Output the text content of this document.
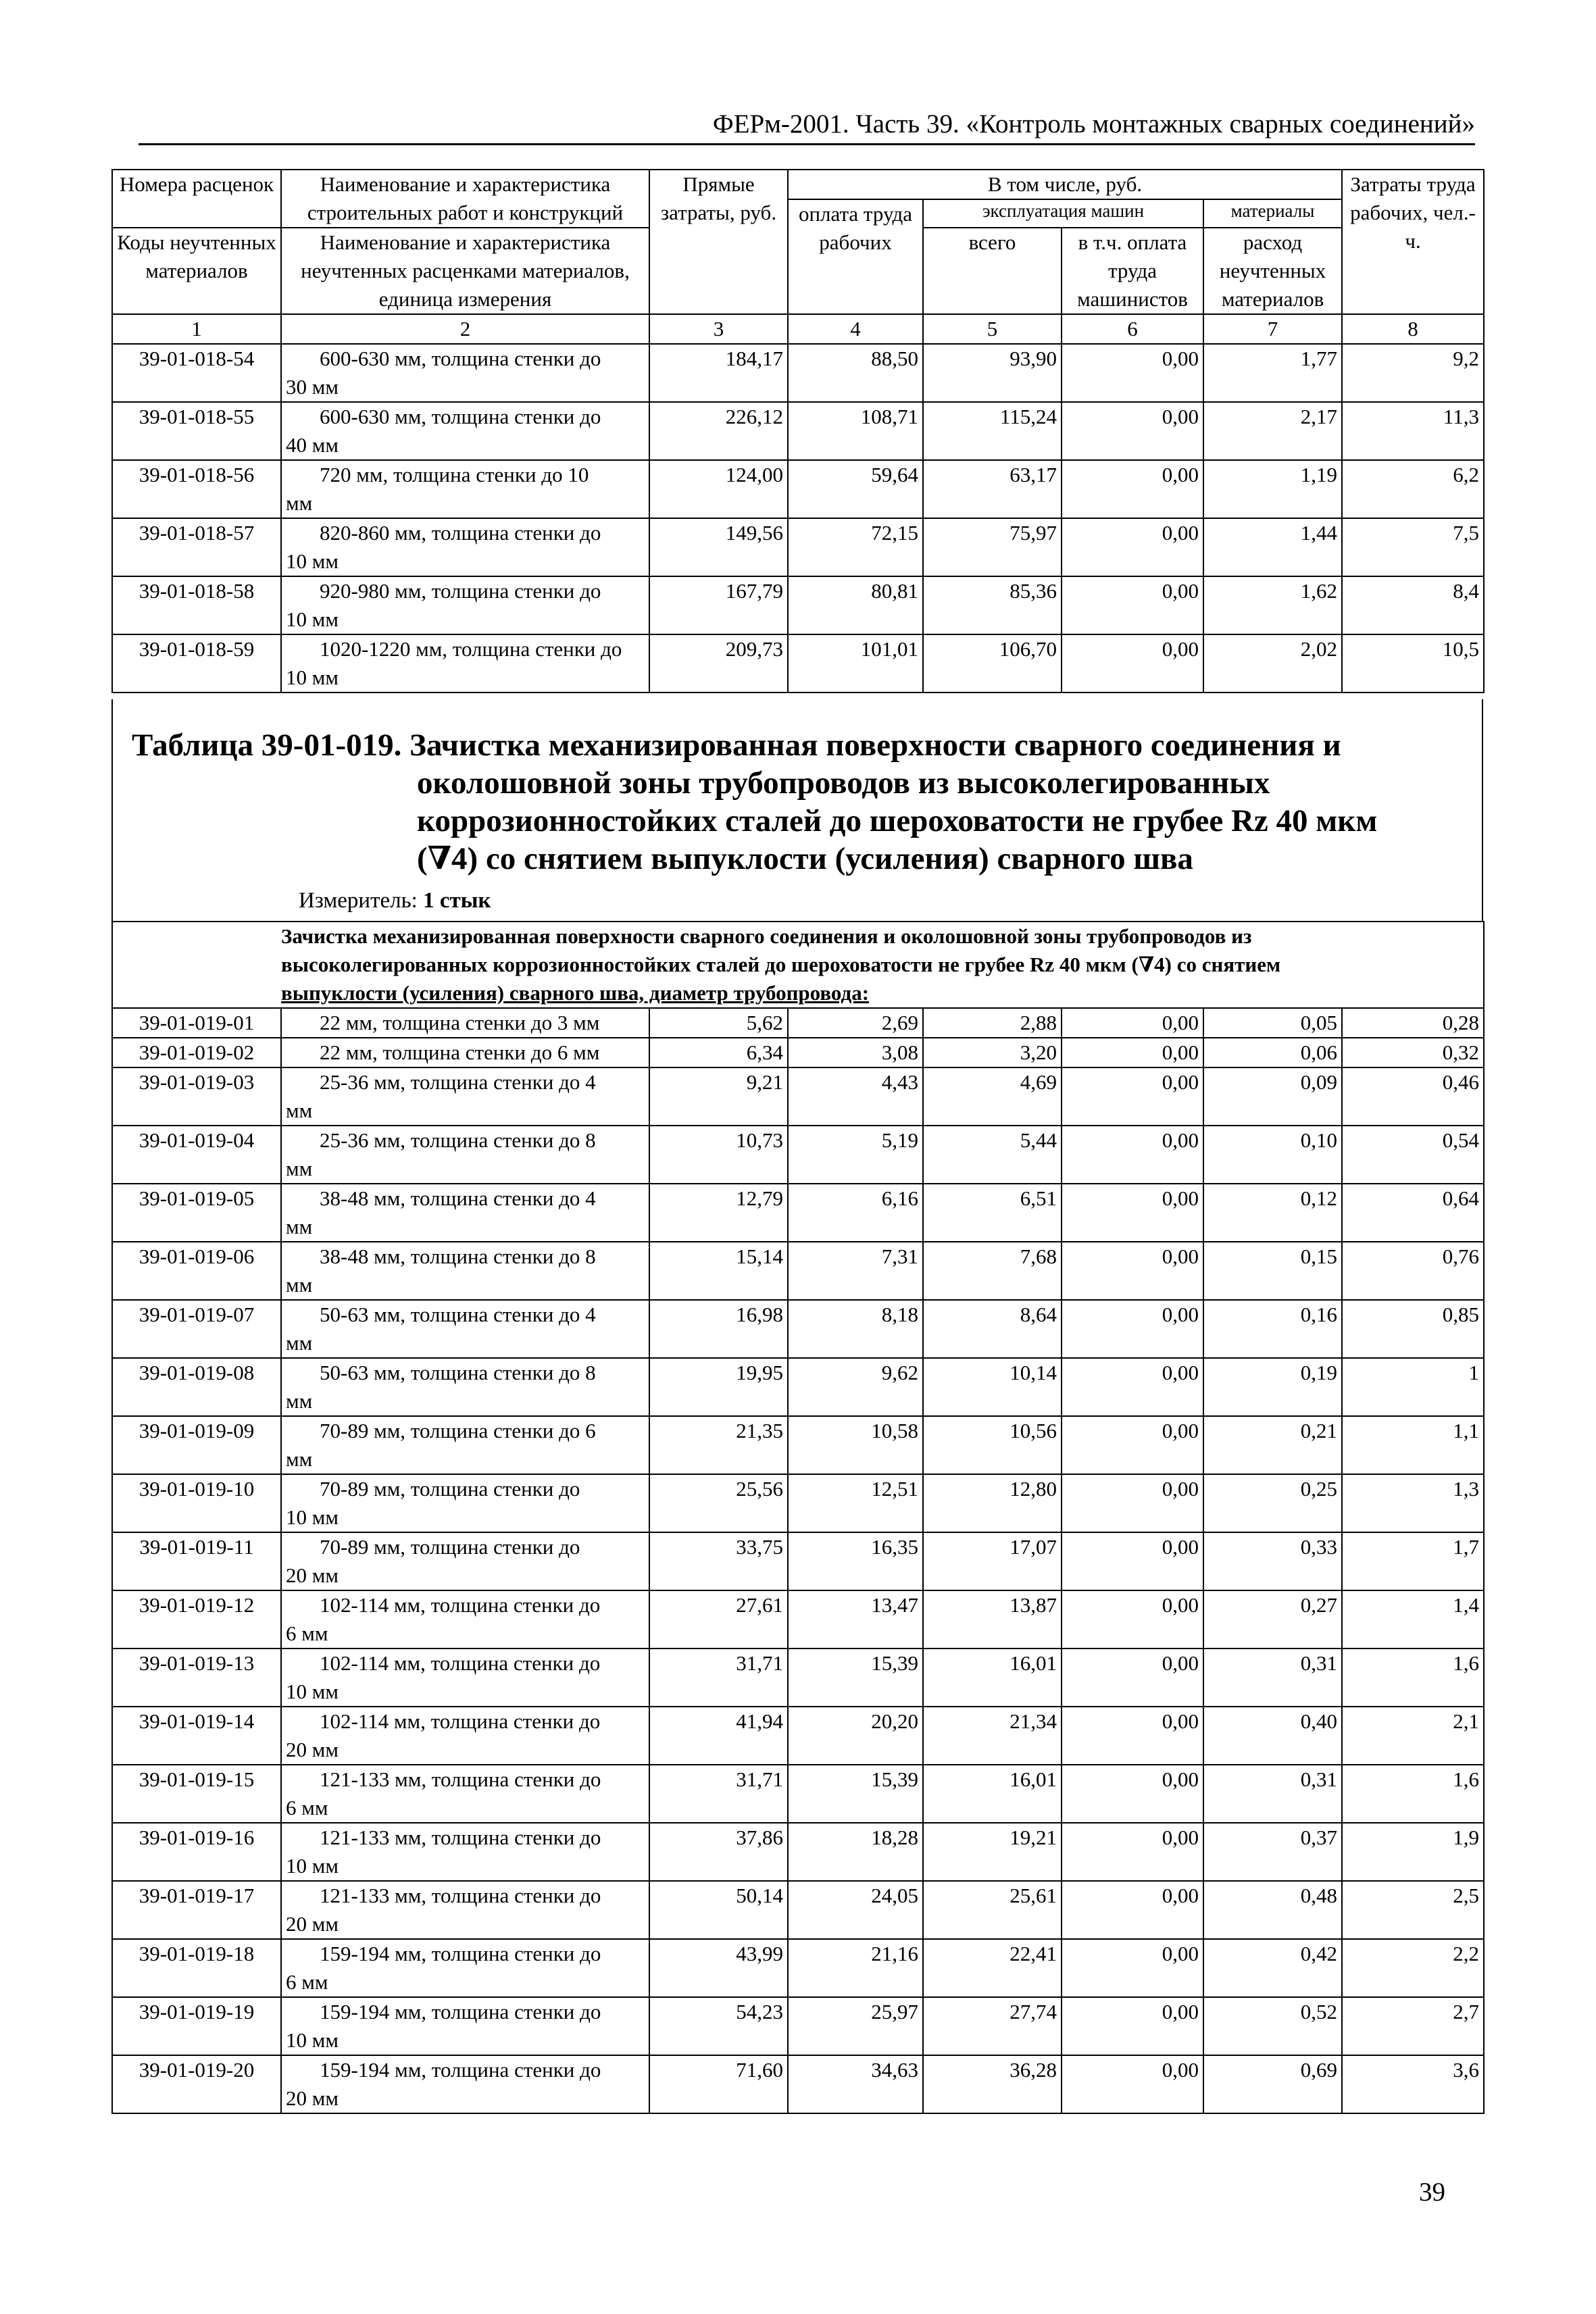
ФЕРм-2001. Часть 39. «Контроль монтажных сварных соединений»
Номера расценок	Наименование и характеристика строительных работ и конструкций	Прямые затраты, руб.	В том числе, руб.				Затраты труда рабочих, чел.-ч.
			оплата труда рабочих	эксплуатация машин		материалы	
Коды неучтенных материалов	Наименование и характеристика неучтенных расценками материалов, единица измерения			всего	в т.ч. оплата труда машинистов	расход неучтенных материалов	

1	2	3	4	5	6	7	8
39-01-018-54	600-630 мм, толщина стенки до
30 мм	184,17	88,50	93,90	0,00	1,77	9,2
39-01-018-55	600-630 мм, толщина стенки до
40 мм	226,12	108,71	115,24	0,00	2,17	11,3
39-01-018-56	720 мм, толщина стенки до 10
мм	124,00	59,64	63,17	0,00	1,19	6,2
39-01-018-57	820-860 мм, толщина стенки до
10 мм	149,56	72,15	75,97	0,00	1,44	7,5
39-01-018-58	920-980 мм, толщина стенки до
10 мм	167,79	80,81	85,36	0,00	1,62	8,4
39-01-018-59	1020-1220 мм, толщина стенки до
10 мм	209,73	101,01	106,70	0,00	2,02	10,5
Таблица 39-01-019. Зачистка механизированная поверхности сварного соединения и
околошовной зоны трубопроводов из высоколегированных
коррозионностойких сталей до шероховатости не грубее Rz 40 мкм
(∇4) со снятием выпуклости (усиления) сварного шва
Измеритель: 1 стык

	Зачистка механизированная поверхности сварного соединения и околошовной зоны трубопроводов из
высоколегированных коррозионностойких сталей до шероховатости не грубее Rz 40 мкм (∇4) со снятием
выпуклости (усиления) сварного шва, диаметр трубопровода:						

39-01-019-01	22 мм, толщина стенки до 3 мм	5,62	2,69	2,88	0,00	0,05	0,28
39-01-019-02	22 мм, толщина стенки до 6 мм	6,34	3,08	3,20	0,00	0,06	0,32
39-01-019-03	25-36 мм, толщина стенки до 4
мм	9,21	4,43	4,69	0,00	0,09	0,46
39-01-019-04	25-36 мм, толщина стенки до 8
мм	10,73	5,19	5,44	0,00	0,10	0,54
39-01-019-05	38-48 мм, толщина стенки до 4
мм	12,79	6,16	6,51	0,00	0,12	0,64
39-01-019-06	38-48 мм, толщина стенки до 8
мм	15,14	7,31	7,68	0,00	0,15	0,76
39-01-019-07	50-63 мм, толщина стенки до 4
мм	16,98	8,18	8,64	0,00	0,16	0,85
39-01-019-08	50-63 мм, толщина стенки до 8
мм	19,95	9,62	10,14	0,00	0,19	1
39-01-019-09	70-89 мм, толщина стенки до 6
мм	21,35	10,58	10,56	0,00	0,21	1,1
39-01-019-10	70-89 мм, толщина стенки до
10 мм	25,56	12,51	12,80	0,00	0,25	1,3
39-01-019-11	70-89 мм, толщина стенки до
20 мм	33,75	16,35	17,07	0,00	0,33	1,7
39-01-019-12	102-114 мм, толщина стенки до
6 мм	27,61	13,47	13,87	0,00	0,27	1,4
39-01-019-13	102-114 мм, толщина стенки до
10 мм	31,71	15,39	16,01	0,00	0,31	1,6
39-01-019-14	102-114 мм, толщина стенки до
20 мм	41,94	20,20	21,34	0,00	0,40	2,1
39-01-019-15	121-133 мм, толщина стенки до
6 мм	31,71	15,39	16,01	0,00	0,31	1,6
39-01-019-16	121-133 мм, толщина стенки до
10 мм	37,86	18,28	19,21	0,00	0,37	1,9
39-01-019-17	121-133 мм, толщина стенки до
20 мм	50,14	24,05	25,61	0,00	0,48	2,5
39-01-019-18	159-194 мм, толщина стенки до
6 мм	43,99	21,16	22,41	0,00	0,42	2,2
39-01-019-19	159-194 мм, толщина стенки до
10 мм	54,23	25,97	27,74	0,00	0,52	2,7
39-01-019-20	159-194 мм, толщина стенки до
20 мм	71,60	34,63	36,28	0,00	0,69	3,6
39
